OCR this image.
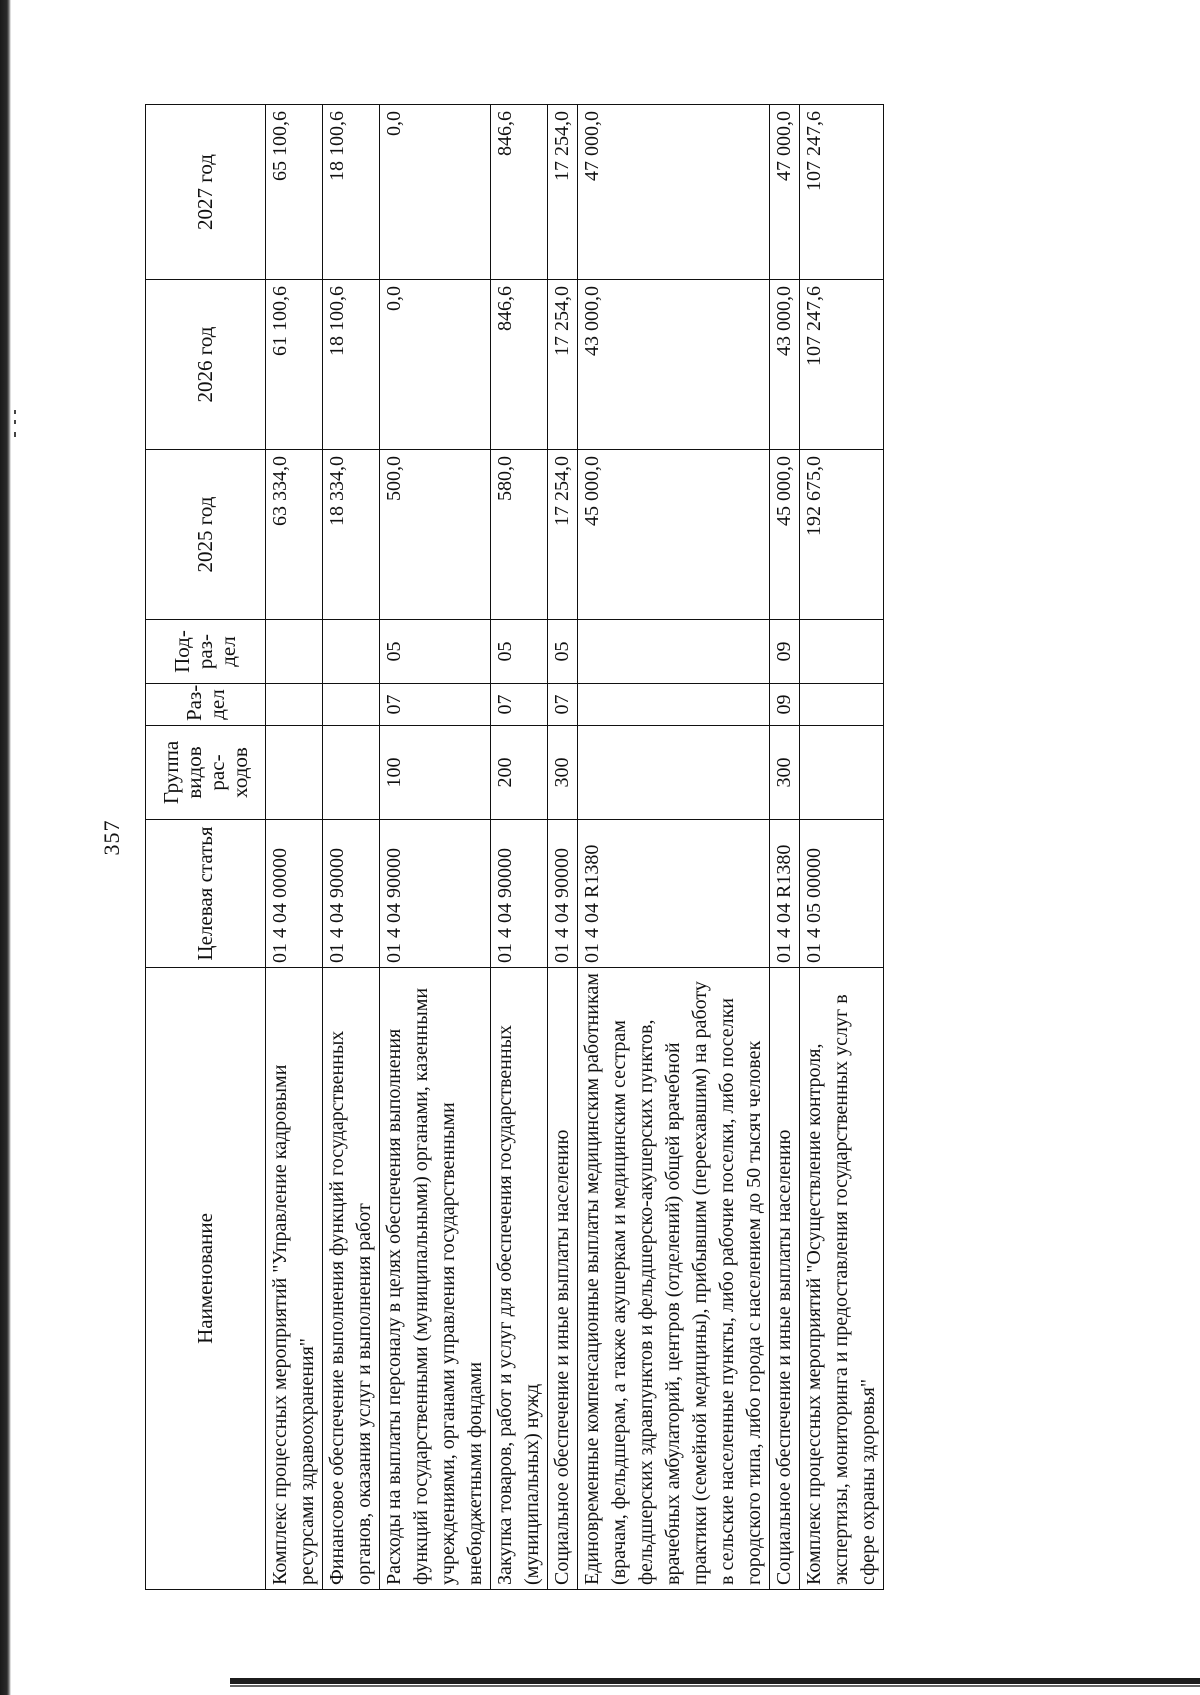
357
Наименование	Целевая статья	Группа видов рас-ходов	Раз-дел	Под-раз-дел	2025 год	2026 год	2027 год
Комплекс процессных мероприятий "Управление кадровыми ресурсами здравоохранения"	01 4 04 00000				63 334,0	61 100,6	65 100,6
Финансовое обеспечение выполнения функций государственных органов, оказания услуг и выполнения работ	01 4 04 90000				18 334,0	18 100,6	18 100,6
Расходы на выплаты персоналу в целях обеспечения выполнения функций государственными (муниципальными) органами, казенными учреждениями, органами управления государственными внебюджетными фондами	01 4 04 90000	100	07	05	500,0	0,0	0,0
Закупка товаров, работ и услуг для обеспечения государственных (муниципальных) нужд	01 4 04 90000	200	07	05	580,0	846,6	846,6
Социальное обеспечение и иные выплаты населению	01 4 04 90000	300	07	05	17 254,0	17 254,0	17 254,0
Единовременные компенсационные выплаты медицинским работникам (врачам, фельдшерам, а также акушеркам и медицинским сестрам фельдшерских здравпунктов и фельдшерско-акушерских пунктов, врачебных амбулаторий, центров (отделений) общей врачебной практики (семейной медицины), прибывшим (переехавшим) на работу в сельские населенные пункты, либо рабочие поселки, либо поселки городского типа, либо города с населением до 50 тысяч человек	01 4 04 R1380				45 000,0	43 000,0	47 000,0
Социальное обеспечение и иные выплаты населению	01 4 04 R1380	300	09	09	45 000,0	43 000,0	47 000,0
Комплекс процессных мероприятий "Осуществление контроля, экспертизы, мониторинга и предоставления государственных услуг в сфере охраны здоровья"	01 4 05 00000				192 675,0	107 247,6	107 247,6
